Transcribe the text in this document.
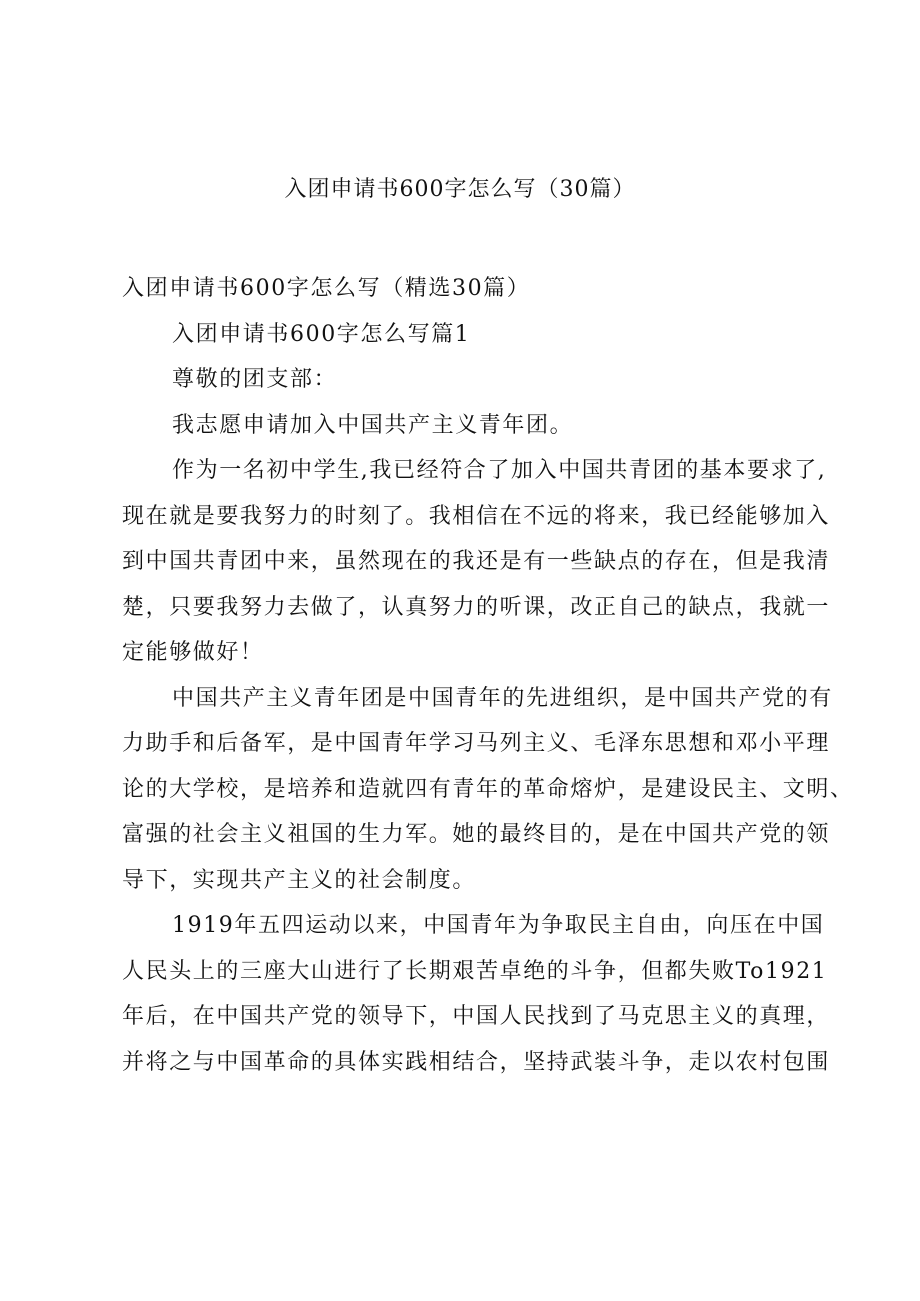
入团申请书600字怎么写（30篇）

入团申请书600字怎么写（精选30篇）

入团申请书600字怎么写篇1

尊敬的团支部：

我志愿申请加入中国共产主义青年团。

作为一名初中学生,我已经符合了加入中国共青团的基本要求了,

现在就是要我努力的时刻了。我相信在不远的将来，我已经能够加入

到中国共青团中来，虽然现在的我还是有一些缺点的存在，但是我清

楚，只要我努力去做了，认真努力的听课，改正自己的缺点，我就一

定能够做好！

中国共产主义青年团是中国青年的先进组织，是中国共产党的有

力助手和后备军，是中国青年学习马列主义、毛泽东思想和邓小平理

论的大学校，是培养和造就四有青年的革命熔炉，是建设民主、文明、

富强的社会主义祖国的生力军。她的最终目的，是在中国共产党的领

导下，实现共产主义的社会制度。

1919年五四运动以来，中国青年为争取民主自由，向压在中国

人民头上的三座大山进行了长期艰苦卓绝的斗争，但都失败To1921

年后，在中国共产党的领导下，中国人民找到了马克思主义的真理，

并将之与中国革命的具体实践相结合，坚持武装斗争，走以农村包围
